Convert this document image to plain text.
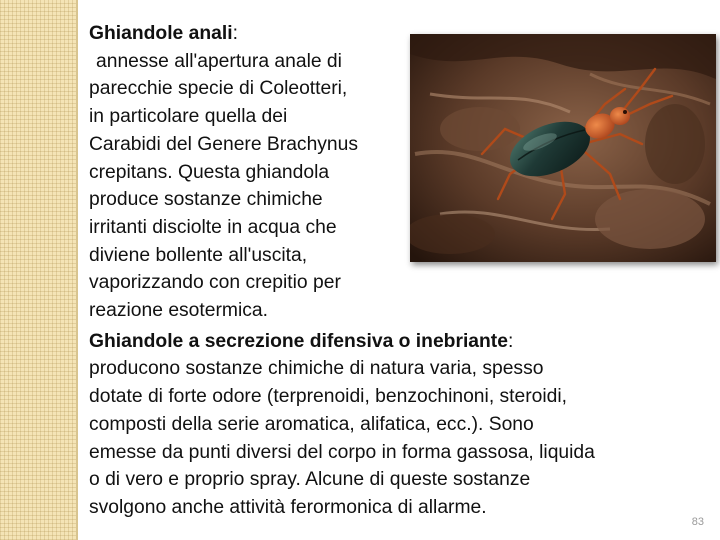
Ghiandole anali:
annesse all'apertura anale di
parecchie specie di Coleotteri,
in particolare quella dei
Carabidi del Genere Brachynus
crepitans. Questa ghiandola
produce sostanze chimiche
irritanti disciolte in acqua che
diviene bollente all'uscita,
vaporizzando con crepitio per
reazione esotermica.

Ghiandole a secrezione difensiva o inebriante:
producono sostanze chimiche di natura varia, spesso
dotate di forte odore (terprenoidi, benzochinoni, steroidi,
composti della serie aromatica, alifatica, ecc.). Sono
emesse da punti diversi del corpo in forma gassosa, liquida
o di vero e proprio spray. Alcune di queste sostanze
svolgono anche attività ferormonica di allarme.

83
